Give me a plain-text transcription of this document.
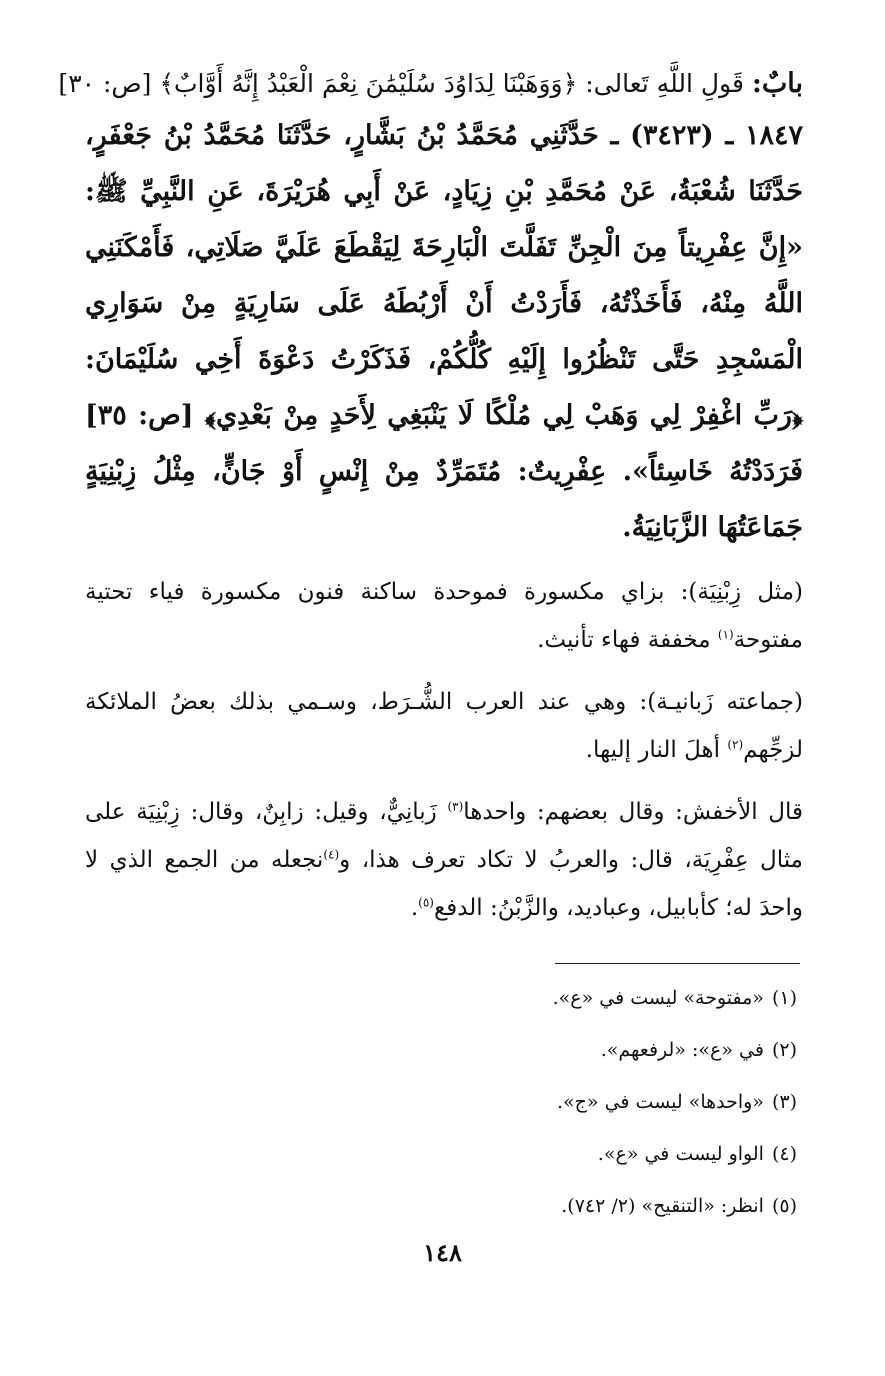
بابٌ: قَولِ اللَّهِ تَعالى: ﴿وَوَهَبْنَا لِدَاوُدَ سُلَيْمَٰنَ نِعْمَ الْعَبْدُ إِنَّهُ أَوَّابٌ﴾ [ص: ٣٠]

١٨٤٧ ـ (٣٤٢٣) ـ حَدَّثَنِي مُحَمَّدُ بْنُ بَشَّارٍ، حَدَّثَنَا مُحَمَّدُ بْنُ جَعْفَرٍ، حَدَّثَنَا شُعْبَةُ، عَنْ مُحَمَّدِ بْنِ زِيَادٍ، عَنْ أَبِي هُرَيْرَةَ، عَنِ النَّبِيِّ ﷺ: «إِنَّ عِفْرِيتاً مِنَ الْجِنِّ تَفَلَّتَ الْبَارِحَةَ لِيَقْطَعَ عَلَيَّ صَلَاتِي، فَأَمْكَنَنِي اللَّهُ مِنْهُ، فَأَخَذْتُهُ، فَأَرَدْتُ أَنْ أَرْبُطَهُ عَلَى سَارِيَةٍ مِنْ سَوَارِي الْمَسْجِدِ حَتَّى تَنْظُرُوا إِلَيْهِ كُلُّكُمْ، فَذَكَرْتُ دَعْوَةَ أَخِي سُلَيْمَانَ: ﴿رَبِّ اغْفِرْ لِي وَهَبْ لِي مُلْكًا لَا يَنْبَغِي لِأَحَدٍ مِنْ بَعْدِي﴾ [ص: ٣٥] فَرَدَدْتُهُ خَاسِئاً». عِفْرِيتٌ: مُتَمَرِّدٌ مِنْ إِنْسٍ أَوْ جَانٍّ، مِثْلُ زِبْنِيَةٍ جَمَاعَتُهَا الزَّبَانِيَةُ.

(مثل زِبْنِيَة): بزاي مكسورة فموحدة ساكنة فنون مكسورة فياء تحتية مفتوحة$^{(١)}$ مخففة فهاء تأنيث.

(جماعته زَبانيـة): وهي عند العرب الشُّـرَط، وسـمي بذلك بعضُ الملائكة لزجِّهم$^{(٢)}$ أهلَ النار إليها.

قال الأخفش: وقال بعضهم: واحدها$^{(٣)}$ زَبانِيٌّ، وقيل: زابِنٌ، وقال: زِبْنِيَة على مثال عِفْرِيَة، قال: والعربُ لا تكاد تعرف هذا، و$^{(٤)}$نجعله من الجمع الذي لا واحدَ له؛ كأبابيل، وعباديد، والزَّبْنُ: الدفع$^{(٥)}$.

(١)«مفتوحة» ليست في «ع».
(٢)في «ع»: «لرفعهم».
(٣)«واحدها» ليست في «ج».
(٤)الواو ليست في «ع».
(٥)انظر: «التنقيح» (٢/ ٧٤٢).
١٤٨
